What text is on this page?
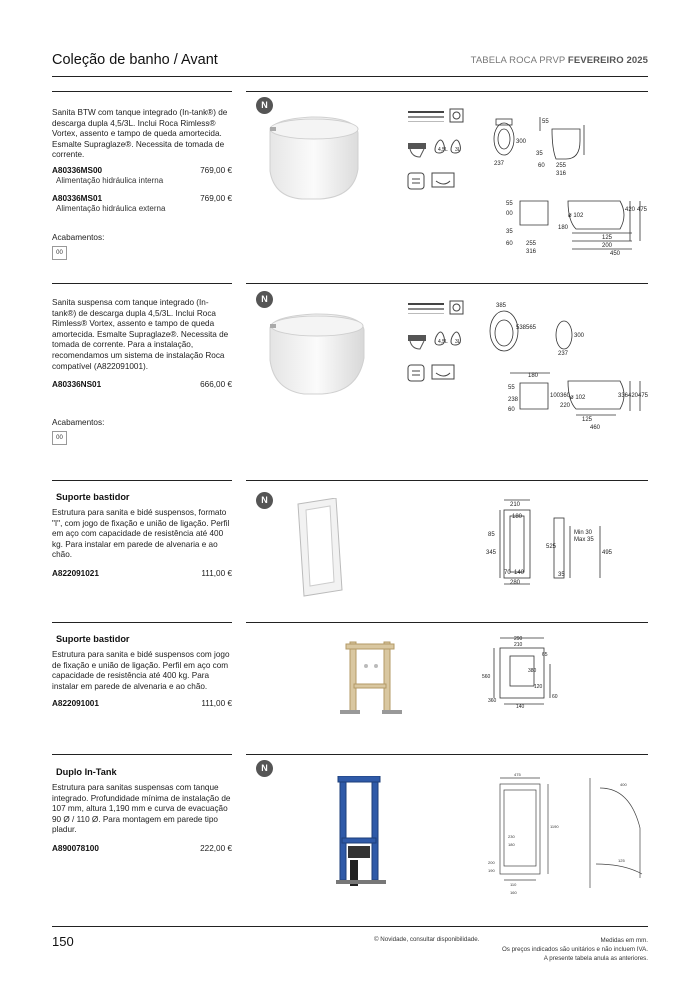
Coleção de banho / Avant	TABELA ROCA PRVP FEVEREIRO 2025
Sanita BTW com tanque integrado (In-tank®) de descarga dupla 4,5/3L. Inclui Roca Rimless® Vortex, assento e tampo de queda amortecida. Esmalte Supraglaze®. Necessita de tomada de corrente.
A80336MS00	769,00 €
Alimentação hidráulica interna
A80336MS01	769,00 €
Alimentação hidráulica externa
Acabamentos:
00
N
4,5L 3L
55
300
237
35
60 255
316
55
00
35
60 255
316
ø 102
180
420 475
125
200
450
Sanita suspensa com tanque integrado (In-tank®) de descarga dupla 4,5/3L. Inclui Roca Rimless® Vortex, assento e tampo de queda amortecida. Esmalte Supraglaze®. Necessita de tomada de corrente. Para a instalação, recomendamos um sistema de instalação Roca compatível (A822091001).
A80336NS01	666,00 €
Acabamentos:
00
N
4,5L 3L
385
538 565
300
237
180
55
238
60
100 360 ø 102
220
336 420 475
125
460
Suporte bastidor
Estrutura para sanita e bidé suspensos, formato "I", com jogo de fixação e união de ligação. Perfil em aço com capacidade de resistência até 400 kg. Para instalar em parede de alvenaria e ao chão.
A822091021	111,00 €
N	210
180
85
345
70 140
280
525
Min 30
Max 35
495
35
Suporte bastidor
Estrutura para sanita e bidé suspensos com jogo de fixação e união de ligação. Perfil em aço com capacidade de resistência até 400 kg. Para instalar em parede de alvenaria e ao chão.
A822091001	111,00 €
290
210
65
560
380
120
360
140
60
Duplo In-Tank
Estrutura para sanitas suspensas com tanque integrado. Profundidade mínima de instalação de 107 mm, altura 1,190 mm e curva de evacuação 90 Ø / 110 Ø. Para montagem em parede tipo pladur.
A890078100	222,00 €
N
475
1190
400
230
180
200
190
110
125
160
150	© Novidade, consultar disponibilidade.	Medidas em mm.
Os preços indicados são unitários e não incluem IVA.
A presente tabela anula as anteriores.
